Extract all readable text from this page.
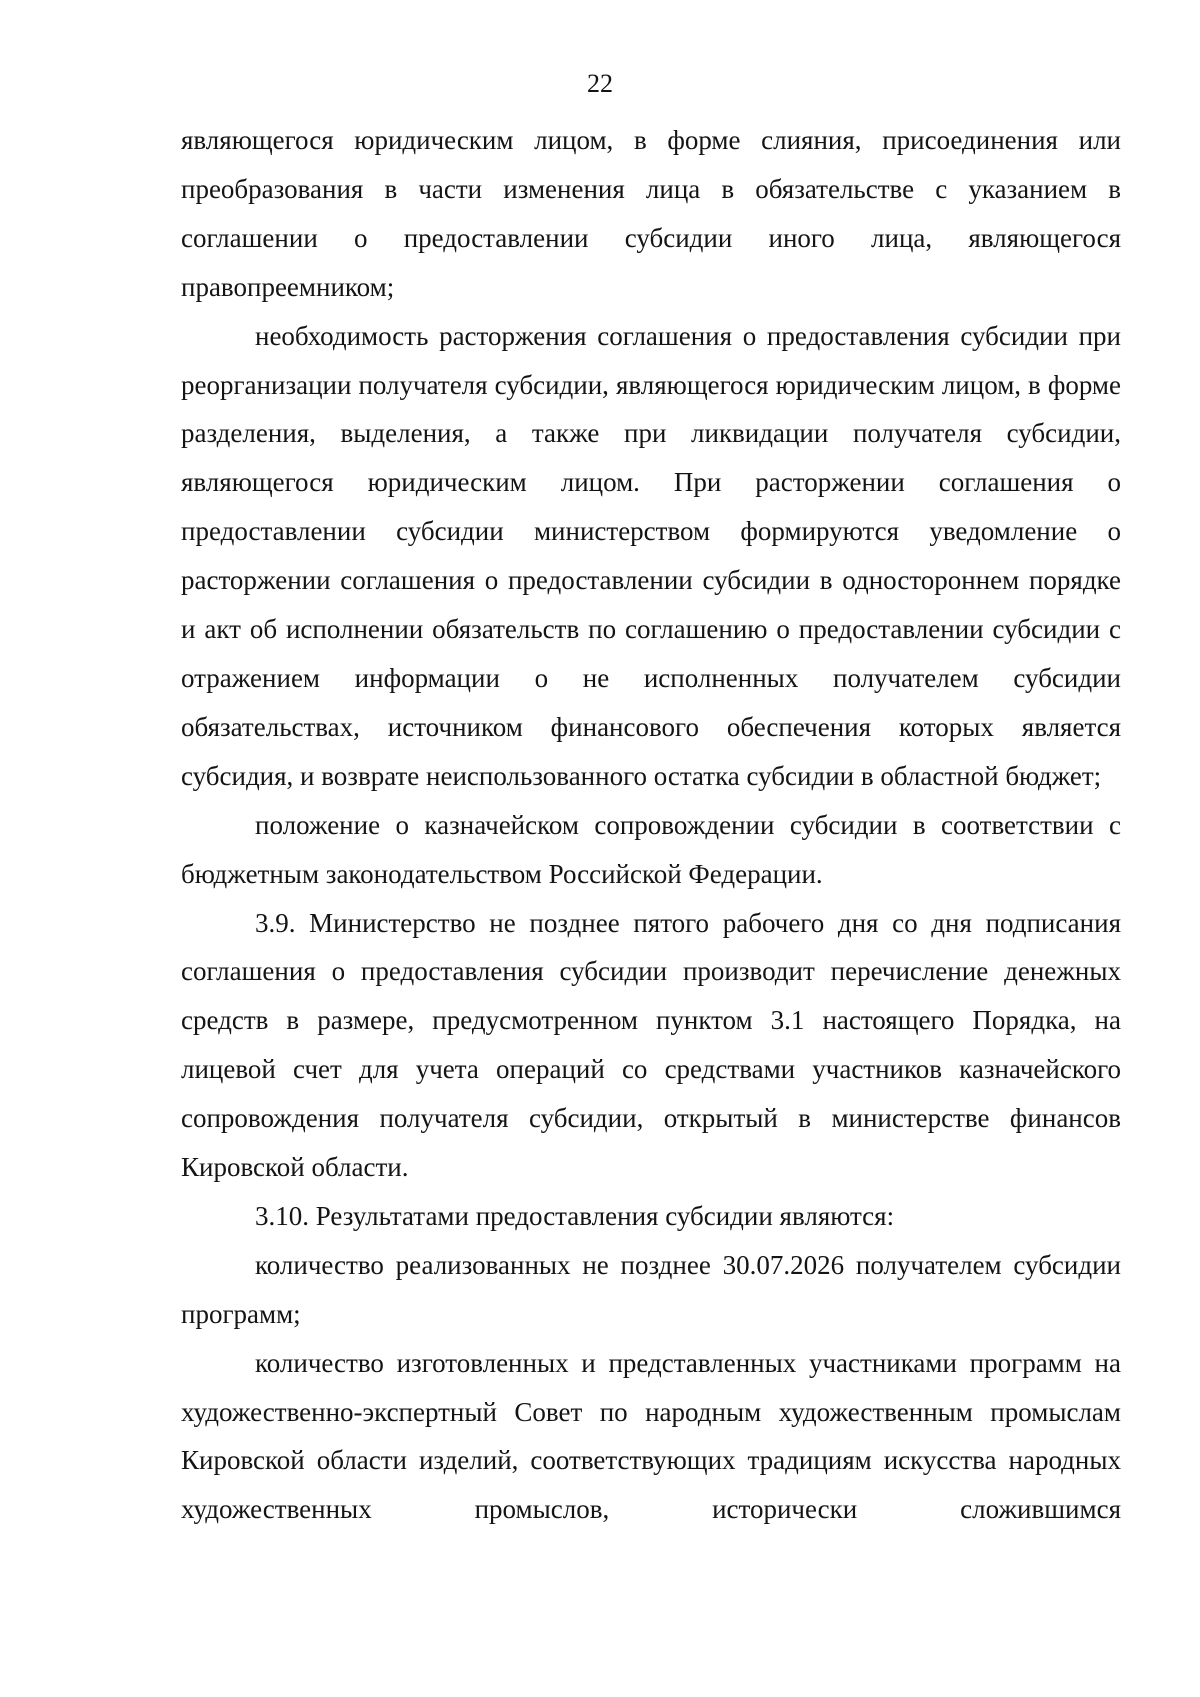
22

являющегося юридическим лицом, в форме слияния, присоединения или преобразования в части изменения лица в обязательстве с указанием в соглашении о предоставлении субсидии иного лица, являющегося правопреемником;

необходимость расторжения соглашения о предоставления субсидии при реорганизации получателя субсидии, являющегося юридическим лицом, в форме разделения, выделения, а также при ликвидации получателя субсидии, являющегося юридическим лицом. При расторжении соглашения о предоставлении субсидии министерством формируются уведомление о расторжении соглашения о предоставлении субсидии в одностороннем порядке и акт об исполнении обязательств по соглашению о предоставлении субсидии с отражением информации о не исполненных получателем субсидии обязательствах, источником финансового обеспечения которых является субсидия, и возврате неиспользованного остатка субсидии в областной бюджет;

положение о казначейском сопровождении субсидии в соответствии с бюджетным законодательством Российской Федерации.

3.9. Министерство не позднее пятого рабочего дня со дня подписания соглашения о предоставления субсидии производит перечисление денежных средств в размере, предусмотренном пунктом 3.1 настоящего Порядка, на лицевой счет для учета операций со средствами участников казначейского сопровождения получателя субсидии, открытый в министерстве финансов Кировской области.

3.10. Результатами предоставления субсидии являются:

количество реализованных не позднее 30.07.2026 получателем субсидии программ;

количество изготовленных и представленных участниками программ на художественно-экспертный Совет по народным художественным промыслам Кировской области изделий, соответствующих традициям искусства народных художественных промыслов, исторически сложившимся
